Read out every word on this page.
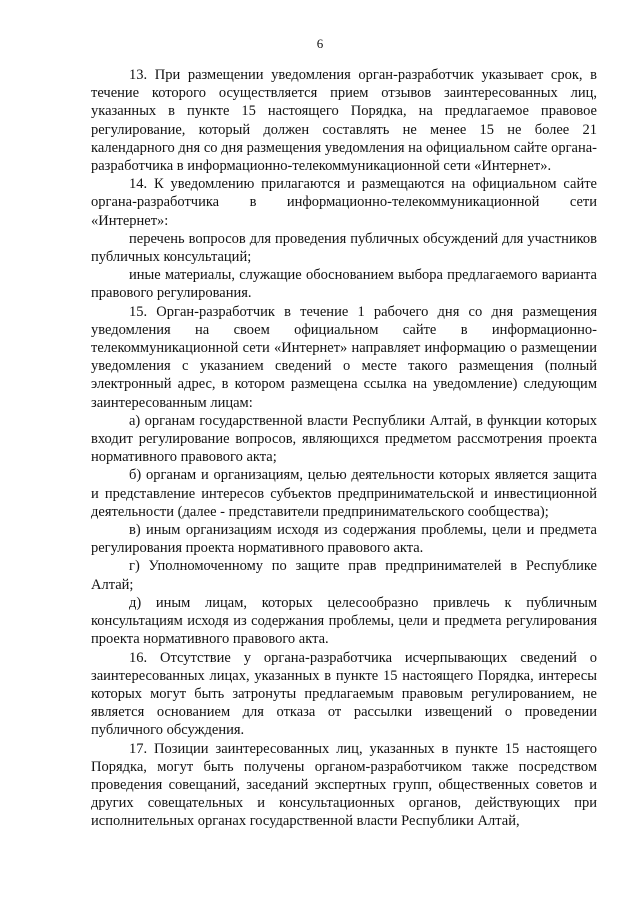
6

13. При размещении уведомления орган-разработчик указывает срок, в течение которого осуществляется прием отзывов заинтересованных лиц, указанных в пункте 15 настоящего Порядка, на предлагаемое правовое регулирование, который должен составлять не менее 15 не более 21 календарного дня со дня размещения уведомления на официальном сайте органа-разработчика в информационно-телекоммуникационной сети «Интернет».

14. К уведомлению прилагаются и размещаются на официальном сайте органа-разработчика в информационно-телекоммуникационной сети «Интернет»:

перечень вопросов для проведения публичных обсуждений для участников публичных консультаций;

иные материалы, служащие обоснованием выбора предлагаемого варианта правового регулирования.

15. Орган-разработчик в течение 1 рабочего дня со дня размещения уведомления на своем официальном сайте в информационно-телекоммуникационной сети «Интернет» направляет информацию о размещении уведомления с указанием сведений о месте такого размещения (полный электронный адрес, в котором размещена ссылка на уведомление) следующим заинтересованным лицам:

а) органам государственной власти Республики Алтай, в функции которых входит регулирование вопросов, являющихся предметом рассмотрения проекта нормативного правового акта;

б) органам и организациям, целью деятельности которых является защита и представление интересов субъектов предпринимательской и инвестиционной деятельности (далее - представители предпринимательского сообщества);

в) иным организациям исходя из содержания проблемы, цели и предмета регулирования проекта нормативного правового акта.

г) Уполномоченному по защите прав предпринимателей в Республике Алтай;

д) иным лицам, которых целесообразно привлечь к публичным консультациям исходя из содержания проблемы, цели и предмета регулирования проекта нормативного правового акта.

16. Отсутствие у органа-разработчика исчерпывающих сведений о заинтересованных лицах, указанных в пункте 15 настоящего Порядка, интересы которых могут быть затронуты предлагаемым правовым регулированием, не является основанием для отказа от рассылки извещений о проведении публичного обсуждения.

17. Позиции заинтересованных лиц, указанных в пункте 15 настоящего Порядка, могут быть получены органом-разработчиком также посредством проведения совещаний, заседаний экспертных групп, общественных советов и других совещательных и консультационных органов, действующих при исполнительных органах государственной власти Республики Алтай,
